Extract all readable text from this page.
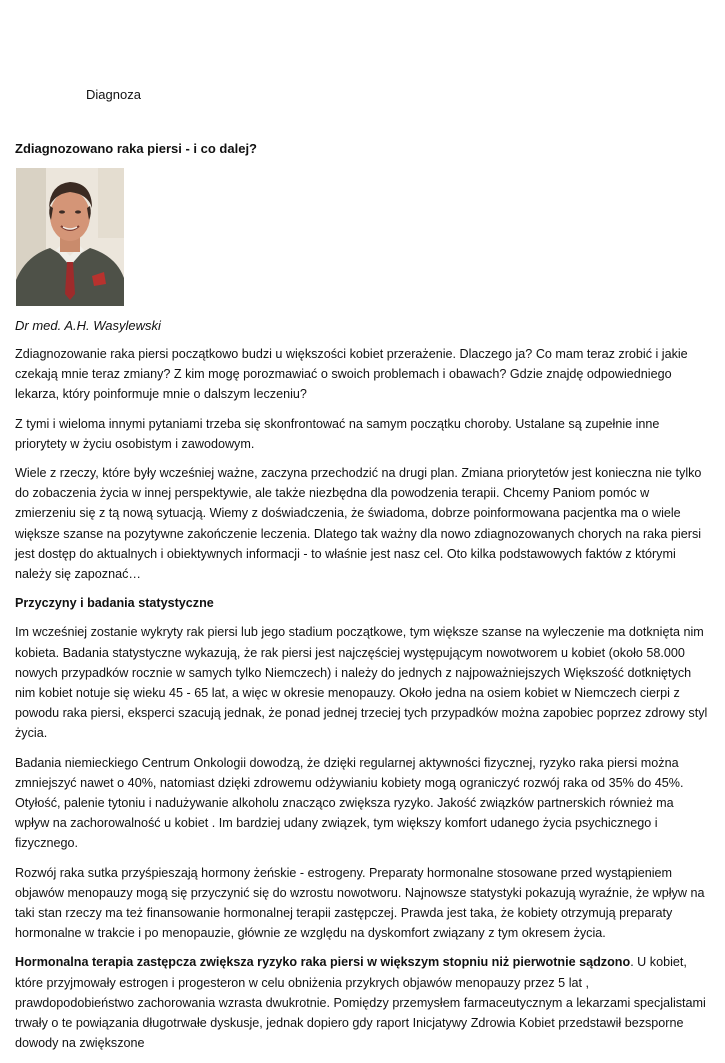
Diagnoza
Zdiagnozowano raka piersi - i co dalej?
Dr med. A.H. Wasylewski

Zdiagnozowanie raka piersi początkowo budzi u większości kobiet przerażenie. Dlaczego ja? Co mam teraz zrobić i jakie czekają mnie teraz zmiany? Z kim mogę porozmawiać o swoich problemach i obawach? Gdzie znajdę odpowiedniego lekarza, który poinformuje mnie o dalszym leczeniu?

Z tymi i wieloma innymi pytaniami trzeba się skonfrontować na samym początku choroby. Ustalane są zupełnie inne priorytety w życiu osobistym i zawodowym.

Wiele z rzeczy, które były wcześniej ważne, zaczyna przechodzić na drugi plan. Zmiana priorytetów jest konieczna nie tylko do zobaczenia życia w innej perspektywie, ale także niezbędna dla powodzenia terapii. Chcemy Paniom pomóc w zmierzeniu się z tą nową sytuacją. Wiemy z doświadczenia, że świadoma, dobrze poinformowana pacjentka ma o wiele większe szanse na pozytywne zakończenie leczenia. Dlatego tak ważny dla nowo zdiagnozowanych chorych na raka piersi jest dostęp do aktualnych i obiektywnych informacji - to właśnie jest nasz cel. Oto kilka podstawowych faktów z którymi należy się zapoznać…

Przyczyny i badania statystyczne

Im wcześniej zostanie wykryty rak piersi lub jego stadium początkowe, tym większe szanse na wyleczenie ma dotknięta nim kobieta. Badania statystyczne wykazują, że rak piersi jest najczęściej występującym nowotworem u kobiet (około 58.000 nowych przypadków rocznie w samych tylko Niemczech) i należy do jednych z najpoważniejszych Większość dotkniętych nim kobiet notuje się wieku 45 - 65 lat, a więc w okresie menopauzy. Około jedna na osiem kobiet w Niemczech cierpi z powodu raka piersi, eksperci szacują jednak, że ponad jednej trzeciej tych przypadków można zapobiec poprzez zdrowy styl życia.

Badania niemieckiego Centrum Onkologii dowodzą, że dzięki regularnej aktywności fizycznej, ryzyko raka piersi można zmniejszyć nawet o 40%, natomiast dzięki zdrowemu odżywianiu kobiety mogą ograniczyć rozwój raka od 35% do 45%. Otyłość, palenie tytoniu i nadużywanie alkoholu znacząco zwiększa ryzyko. Jakość związków partnerskich również ma wpływ na zachorowalność u kobiet . Im bardziej udany związek, tym większy komfort udanego życia psychicznego i fizycznego.

Rozwój raka sutka przyśpieszają hormony żeńskie - estrogeny. Preparaty hormonalne stosowane przed wystąpieniem objawów menopauzy mogą się przyczynić się do wzrostu nowotworu. Najnowsze statystyki pokazują wyraźnie, że wpływ na taki stan rzeczy ma też finansowanie hormonalnej terapii zastępczej. Prawda jest taka, że kobiety otrzymują preparaty hormonalne w trakcie i po menopauzie, głównie ze względu na dyskomfort związany z tym okresem życia.

Hormonalna terapia zastępcza zwiększa ryzyko raka piersi w większym stopniu niż pierwotnie sądzono. U kobiet, które przyjmowały estrogen i progesteron w celu obniżenia przykrych objawów menopauzy przez 5 lat , prawdopodobieństwo zachorowania wzrasta dwukrotnie. Pomiędzy przemysłem farmaceutycznym a lekarzami specjalistami trwały o te powiązania długotrwałe dyskusje, jednak dopiero gdy raport Inicjatywy Zdrowia Kobiet przedstawił bezsporne dowody na zwiększone
